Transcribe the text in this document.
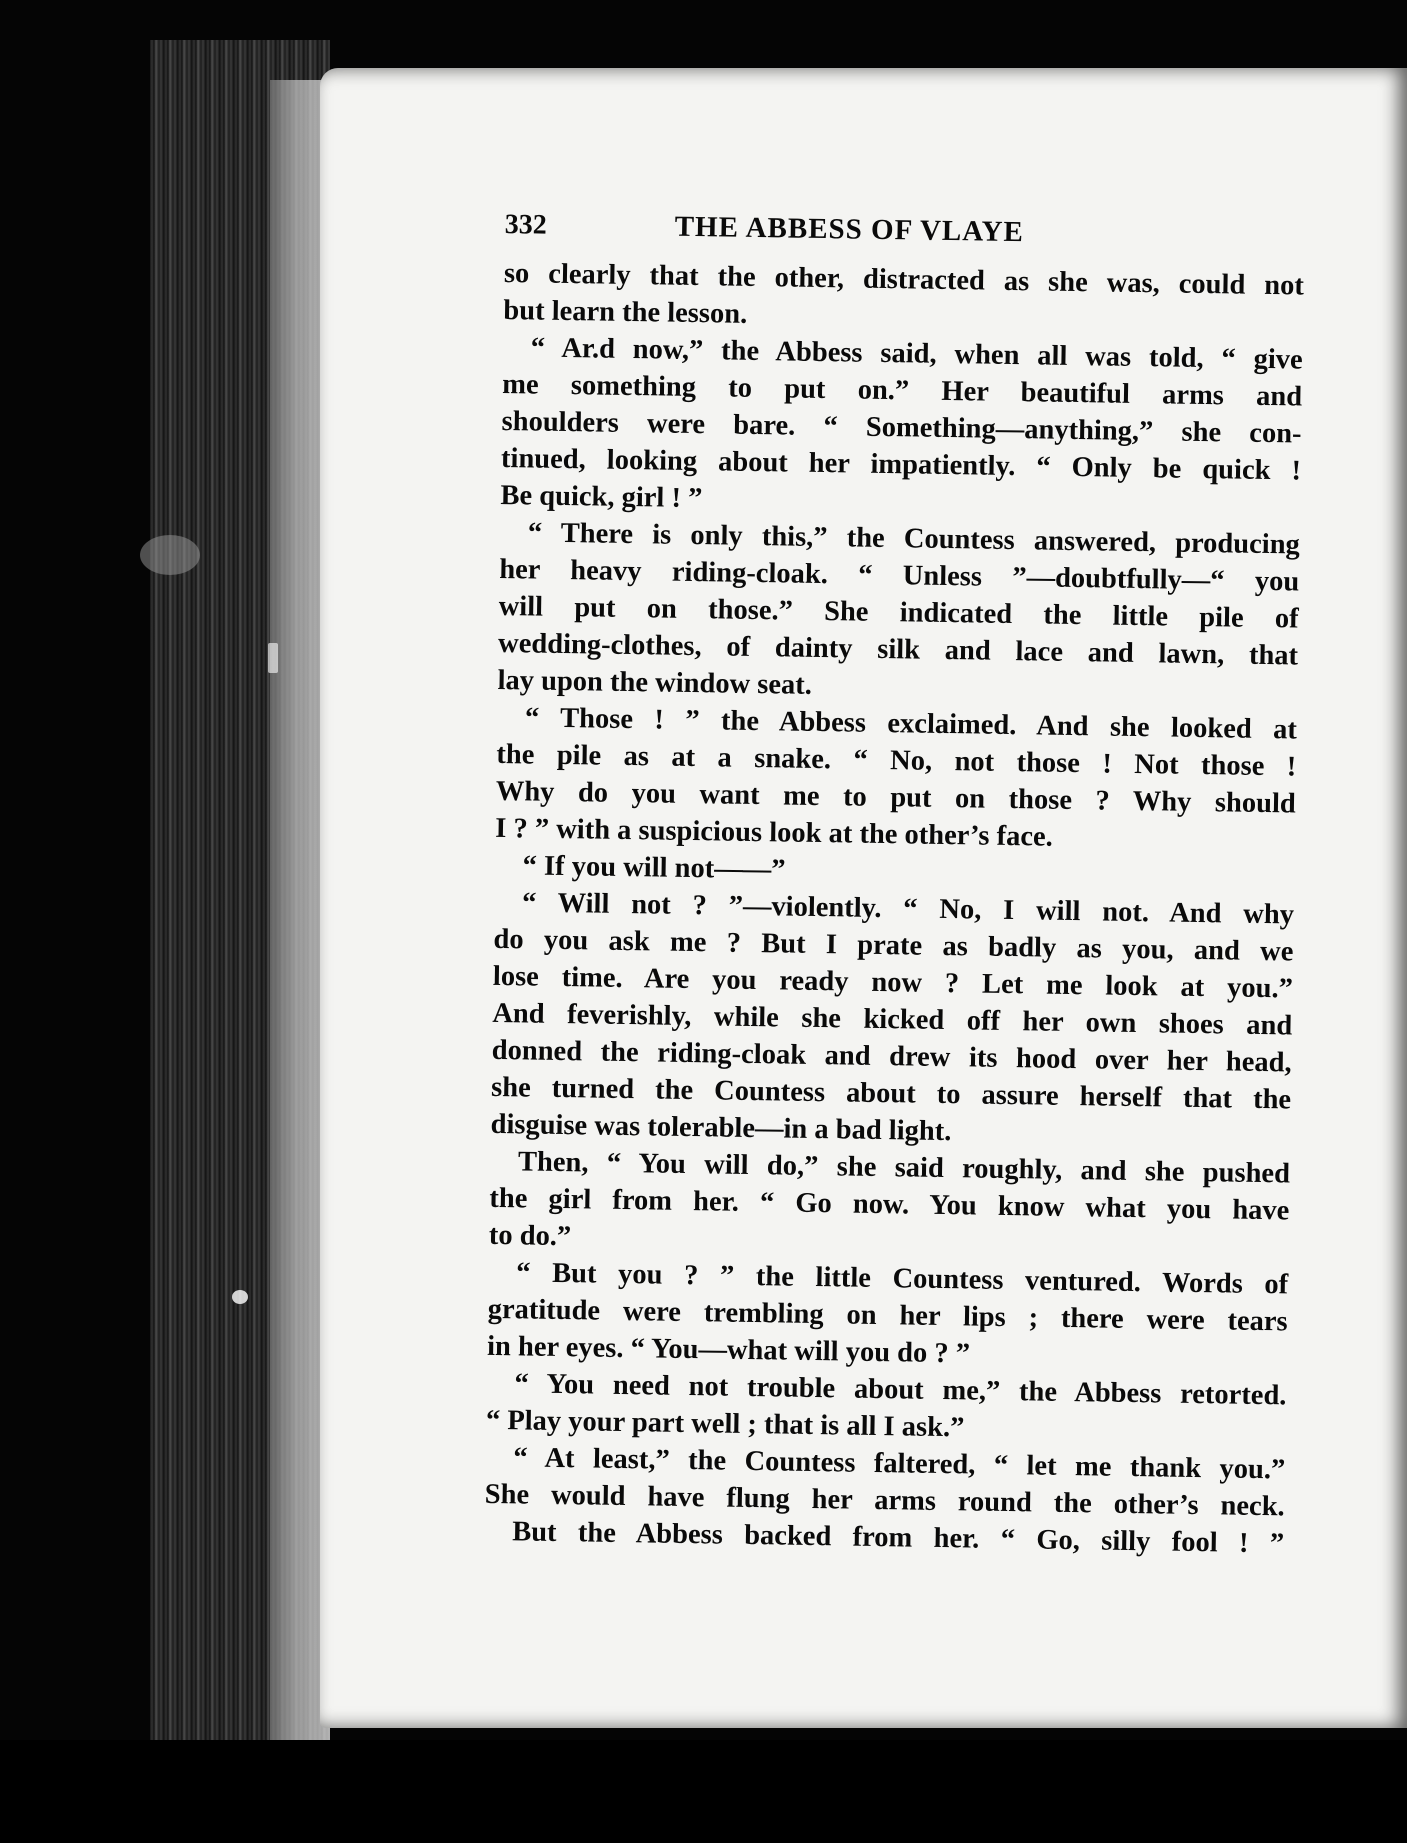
332	THE ABBESS OF VLAYE
so clearly that the other, distracted as she was, could not
but learn the lesson.
“ Ar.d now,” the Abbess said, when all was told, “ give
me something to put on.” Her beautiful arms and
shoulders were bare. “ Something—anything,” she con-
tinued, looking about her impatiently. “ Only be quick !
Be quick, girl ! ”
“ There is only this,” the Countess answered, producing
her heavy riding-cloak. “ Unless ”—doubtfully—“ you
will put on those.” She indicated the little pile of
wedding-clothes, of dainty silk and lace and lawn, that
lay upon the window seat.
“ Those ! ” the Abbess exclaimed. And she looked at
the pile as at a snake. “ No, not those ! Not those !
Why do you want me to put on those ? Why should
I ? ” with a suspicious look at the other’s face.
“ If you will not——”
“ Will not ? ”—violently. “ No, I will not. And why
do you ask me ? But I prate as badly as you, and we
lose time. Are you ready now ? Let me look at you.”
And feverishly, while she kicked off her own shoes and
donned the riding-cloak and drew its hood over her head,
she turned the Countess about to assure herself that the
disguise was tolerable—in a bad light.
Then, “ You will do,” she said roughly, and she pushed
the girl from her. “ Go now. You know what you have
to do.”
“ But you ? ” the little Countess ventured. Words of
gratitude were trembling on her lips ; there were tears
in her eyes. “ You—what will you do ? ”
“ You need not trouble about me,” the Abbess retorted.
“ Play your part well ; that is all I ask.”
“ At least,” the Countess faltered, “ let me thank you.”
She would have flung her arms round the other’s neck.
But the Abbess backed from her. “ Go, silly fool ! ”
